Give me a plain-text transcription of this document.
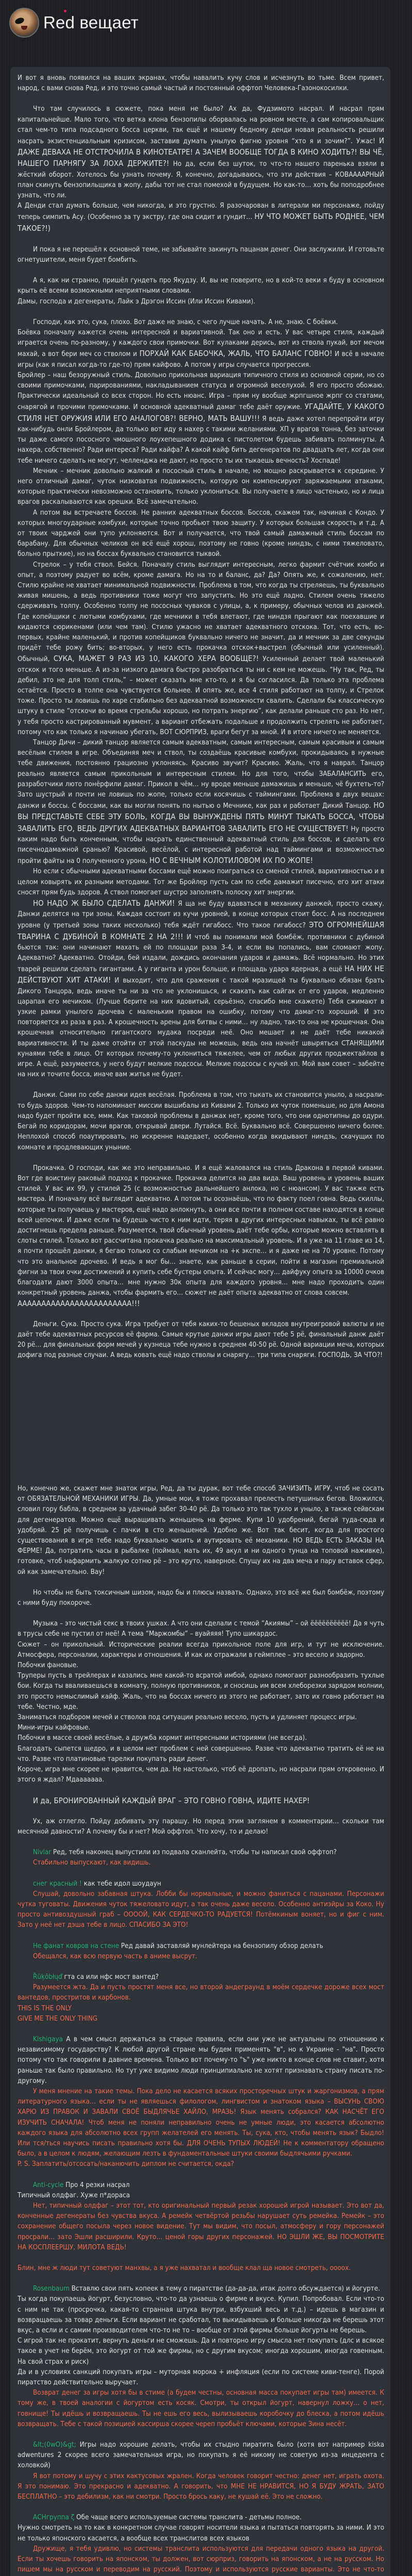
Red вещает

И вот я вновь появился на ваших экранах, чтобы навалить кучу слов и исчезнуть во тьме. Всем привет, народ, с вами снова Ред, и это точно самый частый и постоянный оффтоп Человека-Газонокосилки.

Что там случилось в сюжете, пока меня не было? Ах да, Фудзимото насрал. И насрал прям капитальнейше. Мало того, что ветка клона бензопилы оборвалась на ровном месте, а сам копировальщик стал чем-то типа подсадного босса церкви, так ещё и нашему бедному денди новая реальность решили насрать экзистенциальным кризисом, заставив думать унылую фигню уровня “хто я и зочим?”. Ужас! И ДАЖЕ ДЕВАХА НЕ ОТСТРОЧИЛА В КИНОТЕАТРЕ! А ЗАЧЕМ ВООБЩЕ ТОГДА В КИНО ХОДИТЬ?! ВЫ ЧЁ, НАШЕГО ПАРНЯГУ ЗА ЛОХА ДЕРЖИТЕ?! Но да, если без шуток, то что-то нашего паренька взяли в жёсткий оборот. Хотелось бы узнать почему. Я, конечно, догадываюсь, что эти действия – КОВААААРНЫЙ план скинуть бензопильщика в жопу, дабы тот не стал помехой в будущем. Но как-то… хоть бы поподробнее узнать, что ли.

А Денди стал думать больше, чем никогда, и это грустно. Я разочарован в литерали ми персонаже, пойду теперь симпить Асу. (Особенно за ту экстру, где она сидит и гундит… НУ ЧТО МОЖЕТ БЫТЬ РОДНЕЕ, ЧЕМ ТАКОЕ?!)

И пока я не перешёл к основной теме, не забывайте закинуть пацанам денег. Они заслужили. И готовьте огнетушители, меня будет бомбить.

А я, как ни странно, пришёл гундеть про Якудзу. И, вы не поверите, но в кой-то веки я буду в основном крыть её всеми возможными неприятными словами.

Дамы, господа и дегенераты, Лайк э Дрэгон Иссин (Или Иссин Кивами).

Господи, как это, сука, плохо. Вот даже не знаю, с чего лучше начать. А не, знаю. С боёвки.

Боёвка поначалу кажется очень интересной и вариативной. Так оно и есть. У вас четыре стиля, каждый играется очень по-разному, у каждого свои примочки. Вот кулаками дерись, вот из ствола пукай, вот мечом махай, а вот бери меч со стволом и ПОРХАЙ КАК БАБОЧКА, ЖАЛЬ, ЧТО БАЛАНС ГОВНО! И всё в начале игры (как я писал когда-то где-то) прям кайфово. А потом у игры случается прогрессия.

Бройлер – наш безоружный стиль. Довольно прикольная вариация типичного стиля из основной серии, но со своими примочками, парированиями, накладыванием статуса и огромной веселухой. Я его просто обожаю. Практически идеальный со всех сторон. Но есть нюанс. Игра – прям ну вообще жрпгшное жрпг со статами, снарягой и прочими примочками. И основной адекватный дамаг тебе даёт оружие. УГАДАЙТЕ, У КАКОГО СТИЛЯ НЕТ ОРУЖИЯ ИЛИ ЕГО АНАЛОГОВ?! ВЕРНО, МАТЬ ВАШУ!!! Я ведь даже хотел перепройти игру как-нибудь онли Бройлером, да только вот иду я нахер с такими желаниями. ХП у врагов тонна, без заточки ты даже самого пососного чмошного лоухепешного додика с пистолетом будешь забивать полминуты. А нахера, собственно? Ради интереса? Ради кайфа? А какой кайф бить дегенератов по двадцать лет, когда они тебе ничего сделать не могут, челленджа не дают, но просто ты их тыкаешь вечность? Хоспаде!

Мечник – мечник довольно жалкий и пососный стиль в начале, но мощно раскрывается к середине. У него отличный дамаг, чуток низковатая подвижность, которую он компенсируют заряжаемыми атаками, которые практически невозможно остановить, только уклониться. Вы получаете в лицо частенько, но и лица врагов раскалываются как орешки. Всё замечательно.

А потом вы встречаете боссов. Не ранних адекватных боссов. Боссов, скажем так, начиная с Кондо. У которых многоударные комбухи, которые точно пробьют твою защиту. У которых большая скорость и т.д. А от твоих чарджей они тупо уклоняются. Вот и получается, что твой самый дамажный стиль боссам по барабану. Для обычных челиков он всё ещё хорош, поэтому не говно (кроме ниндзь, с ними тяжеловато, больно прыткие), но на боссах буквально становится тыквой.

Стрелок – у тебя ствол. Бейся. Поначалу стиль выглядит интересным, легко фармит счётчик комбо и опыт, а поэтому радует во всём, кроме дамага. Но на то и баланс, да? Да? Опять же, к сожалению, нет. Стилю крайне не хватает минимальной подвижности. Проблема в том, что когда ты стреляешь, ты буквально живая мишень, а ведь противники тоже могут что запустить. Но это ещё ладно. Стилем очень тяжело сдерживать толпу. Особенно толпу не пососных чуваков с улицы, а, к примеру, обычных челов из данжей. Где копейщики с лютыми комбухами, где мечники в тебя влетают, где ниндзя прыгают как поехавшие и кидаются сюрикенами (или чем там). Стилю ужасно не хватает адекватного отскока. Тот, что есть, во-первых, крайне маленький, и против копейщиков буквально ничего не значит, да и мечник за две секунды придёт тебе рожу бить; во-вторых, у него есть прокачка отскок+выстрел (обычный или усиленный). Обычный, СУКА, МАЖЕТ 9 РАЗ ИЗ 10, КАКОГО ХЕРА ВООБЩЕ?! Усиленный делает твой маленький отскок и того меньше. А из-за низкого дамага быстро разобраться ты ни с кем не можешь. “Ну так, Ред, ты дебил, это не для толп стиль,” – может сказать мне кто-то, и я бы согласился. Да только эта проблема остаётся. Просто в толпе она чувствуется больнее. И опять же, все 4 стиля работают на толпу, и Стрелок тоже. Просто ты ловишь по харе стабильно без адекватной возможности свалить. Сделали бы классическую штуку в стиле “отскочи во время стрельбы хорошо, но потрать энергию”, как делали раньше сто раз. Но нет, у тебя просто кастрированный мувмент, а вариант отбежать подальше и продолжить стрелять не работает, потому что как только я начинаю убегать, ВОТ СЮРПРИЗ, враги бегут за мной. И в итоге ничего не меняется.

Танцор Дичи – дикий танцор является самым адекватным, самым интересным, самым красивым и самым весёлым стилем в игре. Объединяя меч и ствол, ты создаёшь красивые комбухи, прокидываясь в нужные тебе движения, постоянно грациозно уклоняясь. Красиво звучит? Красиво. Жаль, что я наврал. Танцор реально является самым прикольным и интересным стилем. Но для того, чтобы ЗАБАЛАНСИТЬ его, разработчики люто понёрфили дамаг. Прикол в чём… ну вроде меньше дамажишь и меньше, чё бухтеть-то? Зато шустрый и почти не ловишь по жопе, только если косячишь с таймингами. Проблема в двух вещах: данжи и боссы. С боссами, как вы могли понять по нытью о Мечнике, как раз и работает Дикий Танцор. НО ВЫ ПРЕДСТАВЬТЕ СЕБЕ ЭТУ БОЛЬ, КОГДА ВЫ ВЫНУЖДЕНЫ ПЯТЬ МИНУТ ТЫКАТЬ БОССА, ЧТОБЫ ЗАВАЛИТЬ ЕГО, ВЕДЬ ДРУГИХ АДЕКВАТНЫХ ВАРИАНТОВ ЗАВАЛИТЬ ЕГО НЕ СУЩЕСТВУЕТ! Ну просто каким надо быть конченным, чтобы насрать единственный адекватный стиль для боссов, и сделать его писечнодамажной сранью? Красивой, весёлой, с интересной работой над таймингами и возможностью пройти файты на 0 полученного урона, НО С ВЕЧНЫМ КОЛОТИЛОВОМ ИХ ПО ЖОПЕ!

Но если с обычными адекватными боссами ещё можно поиграться со сменой стилей, вариативностью и в целом ковырять их разными методами. Тот же Бройлер пусть сам по себе дамажит писечно, его хит атаки сносят прям будь здоров. А ствол помогает шустро заполнять полоску хит энергии.

НО НАДО Ж БЫЛО СДЕЛАТЬ ДАНЖИ! Я ща не буду вдаваться в механику данжей, просто скажу. Данжи делятся на три зоны. Каждая состоит из кучи уровней, в конце которых стоит босс. А на последнем уровне (у третьей зоны таких несколько) тебя ждёт гигабосс. Что такое гигабосс? ЭТО ОГРОМНЕЙШАЯ ТВАРИНА С ДУБИНОЙ В КОМНАТЕ 2 НА 2!!! И чтоб вы понимали мой бомбёж, противники с дубиной бьются так: они начинают махать ей по площади раза 3-4, и если вы попались, вам сломают жопу. Адекватно? Адекватно. Отойди, бей издали, дождись окончания ударов и дамажь. Всё нормально. Но этих тварей решили сделать гигантами. А у гиганта и урон больше, и площадь удара ядерная, а ещё НА НИХ НЕ ДЕЙСТВУЮТ ХИТ АТАКИ! И выходит, что для сражения с такой мразищей ты буквально обязан брать Дикого Танцора, ведь иначе ты ни за что не уклонишься, и скакать как сайгак от его ударов, медленно царапая его мечиком. (Лучше берите на них ядовитый, серьёзно, спасибо мне скажете) Тебя сжимают в узкие рамки унылого дрочева с маленьким правом на ошибку, потому что дамаг-то хороший. И это повторяется из раза в раз. А крошечность арены для битвы с ними… ну ладно, так-то она не крошечная. Она крошечная относительно гигантского мудака посреди неё. Оно мешает и не даёт тебе никакой вариативности. И ты даже отойти от этой паскуды не можешь, ведь она начнёт швыряться СТАНЯЩИМИ кунаями тебе в лицо. От которых почему-то уклониться тяжелее, чем от любых других проджектайлов в игре. А ещё, разумеется, у него будут мелкие подсосы. Мелкие подсосы с кучей хп. Мой вам совет – забейте на них и точите босса, иначе вам житья не будет.

Данжи. Сами по себе данжи идея весёлая. Проблема в том, что тыкать их становится уныло, а насрали-то будь здоров. Чем-то напоминает миссии вышибалы из Кивами 2. Только их чуток поменьше, но для Амона надо будет пройти все, ммм. Как таковой проблемы в данжах нет, кроме того, что они однотипны до одури. Бегай по коридорам, мочи врагов, открывай двери. Лутайся. Всё. Буквально всё. Совершенно ничего более. Неплохой способ поаутировать, но искренне надедает, особенно когда вкидывают ниндзь, скачущих по комнате и продлевающих уныние.

Прокачка. О господи, как же это неправильно. И я ещё жаловался на стиль Дракона в первой кивами. Вот где воистину раковый подход к прокачке. Прокачка делится на два вида. Ваш уровень и уровень ваших стилей. У вас их 99, у стилей 25 (с возможностью дальнейшего анлока, но с нюансом). У вас также есть мастера. И поначалу всё выглядит адекватно. А потом ты осознаёшь, что по факту поел говна. Ведь скиллы, которые ты получаешь у мастеров, ещё надо анлокнуть, а они все почти в полном составе находятся в конце всей цепочки. И даже если ты будешь чисто к ним идти, теряя в других интересных навыках, ты всё равно достигнешь предела раньше. Разумеется, твой обычный уровень даёт тебе орбы, которые можно вставлять в слоты стилей. Только вот рассчитана прокачка реально на максимальный уровень. И я уже на 11 главе из 14, я почти прошёл данжи, я бегаю только со слабым мечиком на +к экспе… и я даже не на 70 уровне. Потому что это анальное дрочево. И ведь я мог бы… знаете, как раньше в серии, пойти в магазин премиальной фигни за твои очки достижений и купить себе бустеры опыта. И сейчас могу… дайфуку опыта за 10000 очков благодати дают 3000 опыта… мне нужно 30к опыта для каждого уровня… мне надо проходить один конкретный уровень данжа, чтобы фармить его… сюжет не даёт опыта адекватно от слова совсем.

АААААААААААААААААААААААА!!!

Деньги. Сука. Просто сука. Игра требует от тебя каких-то бешеных вкладов внутреигровой валюты и не даёт тебе адекватных ресурсов её фарма. Самые крутые данжи игры дают тебе 5 рё, финальный данж даёт 20 рё… для финальных форм мечей у кузнеца тебе нужно в среднем 40-50 рё. Одной вариации меча, которых дофига под разные случаи. А ведь ковать ещё надо стволы и снарягу… три типа снаряги. ГОСПОДЬ, ЗА ЧТО?!

Но, конечно же, скажет мне знаток игры, Ред, да ты дурак, вот тебе способ ЗАЧИЗИТЬ ИГРУ, чтоб не сосать от ОБЯЗАТЕЛЬНОЙ МЕХАНИКИ ИГРЫ. Да, умные мои, я тоже прохавал прелесть петушиных бегов. Вложился, словил гору бабла, в среднем за удачный забег 30-40 рё. Да только это так тухло и уныло, а также сейвскам для дегенератов. Можно ещё выращивать женьшень на ферме. Купи 10 удобрений, бегай туда-сюда и удобряй. 25 рё получишь с пачки в сто женьшеней. Удобно же. Вот так бесит, когда для простого существования в игре тебе надо буквально чизить и аутировать её механики. НО ВЕДЬ ЕСТЬ ЗАКАЗЫ НА ФЕРМЕ! Да, потратить часы в рыбалке (поймал, мать их, 49 акул и ни одного тунца на топовой наживке), готовке, чтоб нафармить жалкую сотню рё – это круто, наверное. Спущу их на два меча и пару вставок сфер, ой как замечательно. Вау!

Но чтобы не быть токсичным шизом, надо бы и плюсы назвать. Однако, это всё же был бомбёж, поэтому с ними буду покороче.

Музыка – это чистый секс в твоих ушках. А что они сделали с темой “Акиямы” – ой ёёёёёёёёёё! Да я чуть в трусы себе не пустил от неё! А тема “Маржомбы” – вуайяяя! Тупо шикардос.

Сюжет – он прикольный. Исторические реалии всегда прикольное поле для игр, и тут не исключение. Атмосфера, персоналии, характеры и отношения. И как их отражали в геймплее – это весело и задорно.

Побочки фановые.

Труперы пусть в трейлерах и казались мне какой-то всратой имбой, однако помогают разнообразить тухлые бои. Когда ты вваливаешься в комнату, полную противников, и сносишь им всем хлеборезки зарядом молнии, это просто немыслимый кайф. Жаль, что на боссах ничего из этого не работает, зато их говно работает на тебе. Честно, мде.

Заниматься подбором мечей и стволов под ситуации реально весело, пусть и удлиняет процесс игры.

Мини-игры кайфовые.

Побочки в массе своей весёлые, а дружба кормит интересными историями (не всегда).

Благодать сыпется щедро, и в целом нет проблем с ней совершенно. Разве что адекватно тратить её не на что. Разве что платиновые тарелки покупать ради денег.

Короче, игра мне скорее не нравится, чем да. Не настолько, чтоб её дропать, но насрали прям откровенно. И этого я ждал? Мдааааааа.

И да, БРОНИРОВАННЫЙ КАЖДЫЙ ВРАГ – ЭТО ГОВНО ГОВНА, ИДИТЕ НАХЕР!

Ух, аж отлегло. Пойду добивать эту парашу. Но перед этим заглянем в комментарии… скольки там месячной давности? А почему бы и нет? Мой оффтоп. Что хочу, то и делаю!

Nivlar Ред, тебя наконец выпустили из подвала сканлейта, чтобы ты написал свой оффтоп?

Стабильно выпускают, как видишь.

снег красный ! как тебе идол шоудаун

Слушай, довольно забавная штука. Лобби бы нормальные, и можно фаниться с пацанами. Персонажи чутка туговаты. Движения чуток тяжеловато идут, а так очень даже весело. Особенно антиэйры за Коко. Ну просто антивоздушный граб – ООООЙ, КАК СЕРДЕЧКО-ТО РАДУЕТСЯ! Потёмкиным воняет, но и фиг с ним. Зато у неё нет дэша тебе в лицо. СПАСИБО ЗА ЭТО!

Не фанат ковров на стене Ред давай заставляй мунлейтера на бензопилу обзор делать

Обещался, как всю первую часть в аниме высрут.

Ȑüķōbłųď гта са или нфс мост вантед?

Разумеется жта. Да и пусть простят меня все, но второй андеграунд в моём сердечке дороже всех мост вантедов, простритов и карбонов.

THIS IS THE ONLY

GIVE ME THE ONLY THING

Kishigaya А в чем смысл держаться за старые правила, если они уже не актуальны по отношению к независимому государству? К любой другой стране мы будем применять "в", но к Украине - "на". Просто потому что так говорили в давние времена. Только вот почему-то "ъ" уже никто в конце слов не ставит, хотя раньше так было правильно. Но тут уже видимо люди принципиально не хотят признавать страну писать по-другому.

У меня мнение на такие темы. Пока дело не касается всяких просторечных штук и жаргонизмов, а прям литературного языка… если ты не являешься филологом, лингвистом и знатоком языка – ВЫСУНЬ СВОЮ ХАРЮ ИЗ ПРАВОК И ЗАВАЛИ СВОЁ БЫДЛЯЧЬЕ ХАЙЛО, МРАЗЬ! Язык менять собрался? КАК НАСЧЁТ ЕГО ИЗУЧИТЬ СНАЧАЛА! Чтоб меня не поняли неправильно очень не умные люди, это касается абсолютно каждого языка для абсолютно всех групп желателей его менять. Ты, сука, кто, чтобы менять язык? Быдло! Или тся/ться научись писать правильно хотя бы. ДЛЯ ОЧЕНЬ ТУПЫХ ЛЮДЕЙ! Не к комментатору обращено было, а в целом к людям, желающим лезть в фундаментальные штуки своими быдлячьими ручками.

P. S. Заплатить/отсосать/наканючить диплом не считается, окда?

Anti-cycle Про 4 резки насрал

Типичный олдфаг. Хуже п*дораса

Нет, типичный олдфаг – этот тот, кто оригинальный первый резак хорошей игрой называет. Это вот да, конченные дегенераты без чувства вкуса. А ремейк четвёртой резьбы нарушает суть ремейка. Ремейк – это сохранение общего посыла через новое видение. Тут мы видим, что посыл, атмосферу и гору персонажей просрали… зато Эшли расширили. Круто… ценой горы других персонажей. НО ЭШЛИ ЖЕ, ВЫ ПОСМОТРИТЕ НА КОСПЛЕЕРШУ, МИЛОТА ВЕДЬ!

Блин, мне ж люди тут советуют манхвы, а я уже нахватал и вообще клал ща новое смотреть, оооох.

Rosenbaum Вставлю свои пять копеек в тему о пиратстве (да-да-да, итак долго обсуждается) и йогурте.

Ты когда покупаешь йогурт, безусловно, что-то да узнаешь о фирме и вкусе. Купил. Попробовал. Если что-то с ним не так (просрочка, какая-то странная штука внутри, взбухший весь и т.д.) – идешь в магазин и возвращаешь за товар деньги. Если вариант не сработал, то выкидываешь и больше никогда не берешь этот вкус, а если и с самим производителем что-то не то – вообще от этой фирмы больше йогурты не берешь.

С игрой так не прокатит, вернуть деньги не сможешь. Да и повторно игру смысла нет покупать (длс и всякое такое в учет не берём, это йогурт от той же фирмы, но с другим вкусом; иногда хорошим, иногда говенным. На свой страх и риск)

Да и в условиях санкций покупать игры – муторная морока + инфляция (если по системе киви-тенге). Порой пиратство действительно выручает.

Возврат денег за игры хотя бы в стиме (а будем честны, основная масса покупает игры там) имеется. К тому же, в твоей аналогии с йогуртом есть косяк. Смотри, ты открыл йогурт, навернул ложку… о нет, говнище! Ты идёшь и возвращаешь. Ты не ешь его весь, вылизываешь коробочку до блеска, а потом идёшь возвращать. Тебе с такой позицией кассирша скорее череп пробьёт ключами, которые Зина несёт.

&lt;(0wO)&gt; Игры надо хорошие делать, чтобы их стыдно пиратить было (хотя вот например kiska adwentures 2 скорее всего замечательная игра, но покупать я её никому не советую из-за инцедента с холовкой)

Я вот потому и шучу с этих кактусовых жрален. Когда человек говорит честно: денег нет, играть охота. Я это понимаю. Это прекрасно и адекватно. А говорить, что МНЕ НЕ НРАВИТСЯ, НО Я БУДУ ЖРАТЬ, ЗАТО БЕСПЛАТНО – это дебилизм, как ни смотри. Просто брось каку, не кушай её. Это не сложно.

АСНгруппа ζ Обе чаще всего используемые системы транслита - детьмы полное.

Нужно смотреть на то как в конкретном случае говорят носители языка и пытаться повторять за ними. И это не только японского касается, а вообще всех транслитов всех языков

Дружище, я тебя удивлю, но системы транслита используются для передачи одного языка на другой. Если ты хочешь говорить на японском, ты должен, вот сюрприз, говорить на японском, а не на русском. Но пишем мы на русском и переводим на русский. Поэтому и используются русские варианты. Это не что-то
